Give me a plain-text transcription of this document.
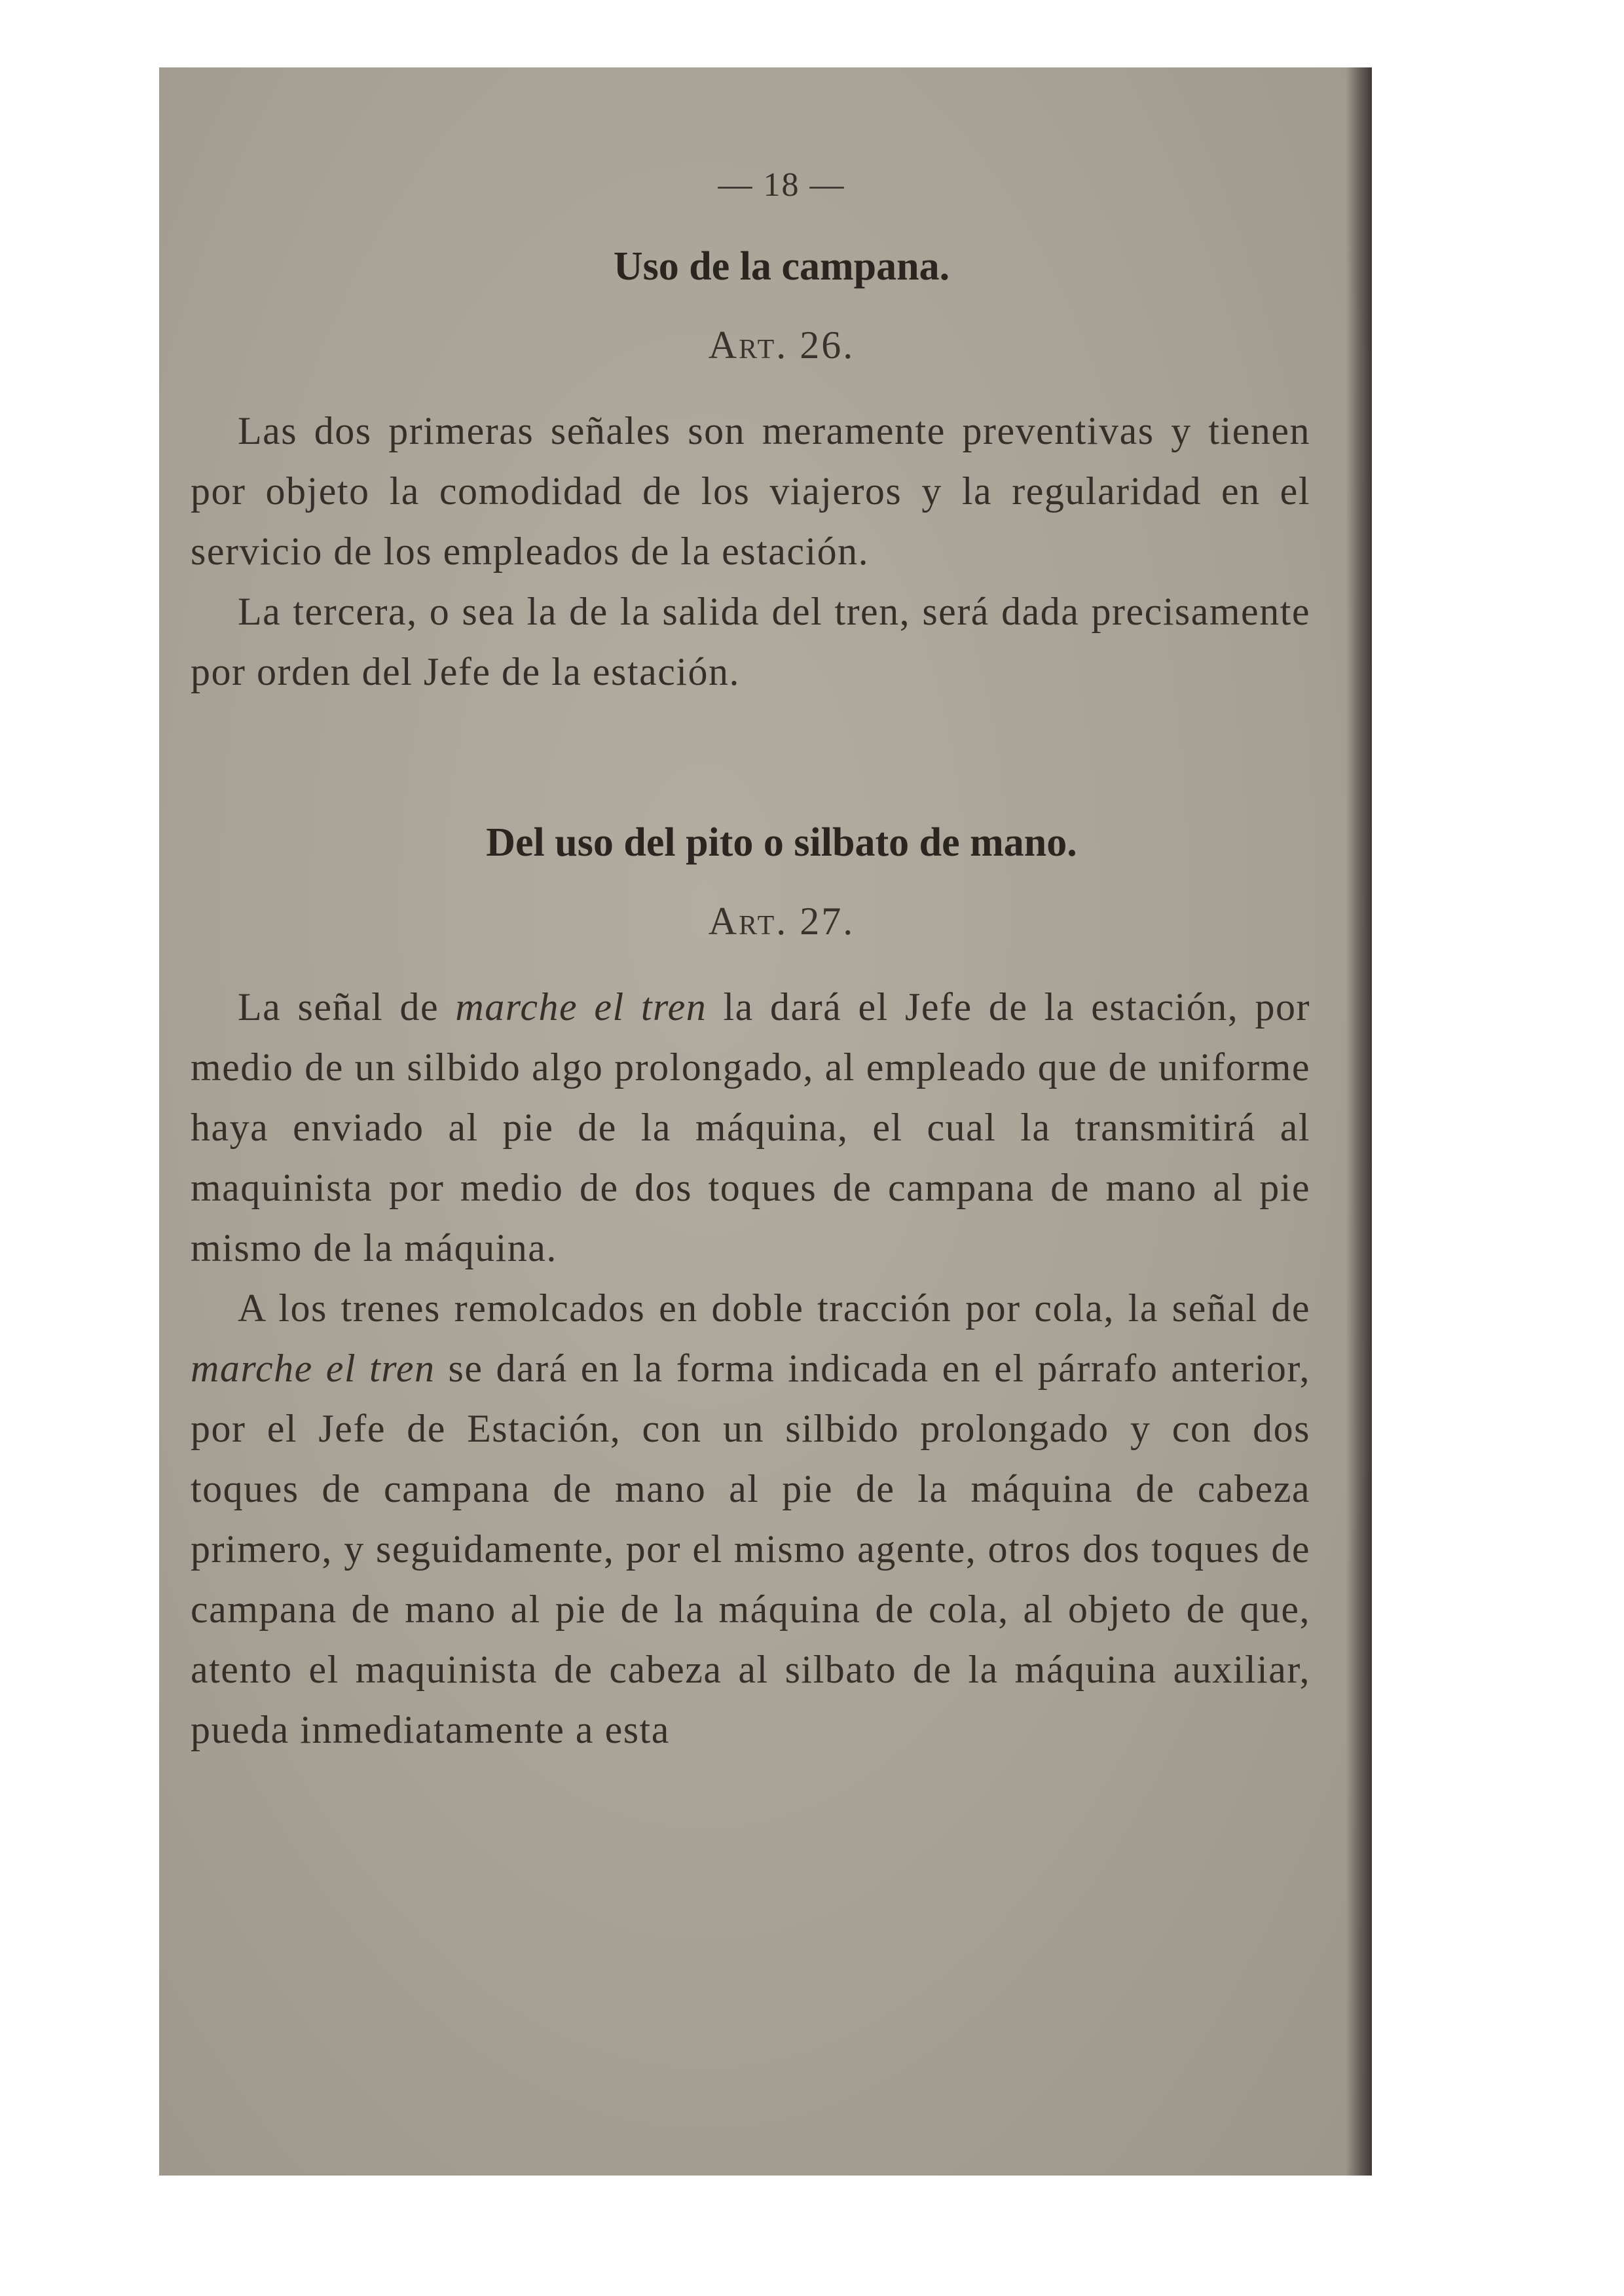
— 18 —
Uso de la campana.
Art. 26.

Las dos primeras señales son meramente preventivas y tienen por objeto la comodidad de los viajeros y la regularidad en el servicio de los empleados de la estación.

La tercera, o sea la de la salida del tren, será dada precisamente por orden del Jefe de la estación.

Del uso del pito o silbato de mano.
Art. 27.

La señal de marche el tren la dará el Jefe de la estación, por medio de un silbido algo prolongado, al empleado que de uniforme haya enviado al pie de la máquina, el cual la transmitirá al maquinista por medio de dos toques de campana de mano al pie mismo de la máquina.

A los trenes remolcados en doble tracción por cola, la señal de marche el tren se dará en la forma indicada en el párrafo anterior, por el Jefe de Estación, con un silbido prolongado y con dos toques de campana de mano al pie de la máquina de cabeza primero, y seguidamente, por el mismo agente, otros dos toques de campana de mano al pie de la máquina de cola, al objeto de que, atento el maquinista de cabeza al silbato de la máquina auxiliar, pueda inmediatamente a esta
